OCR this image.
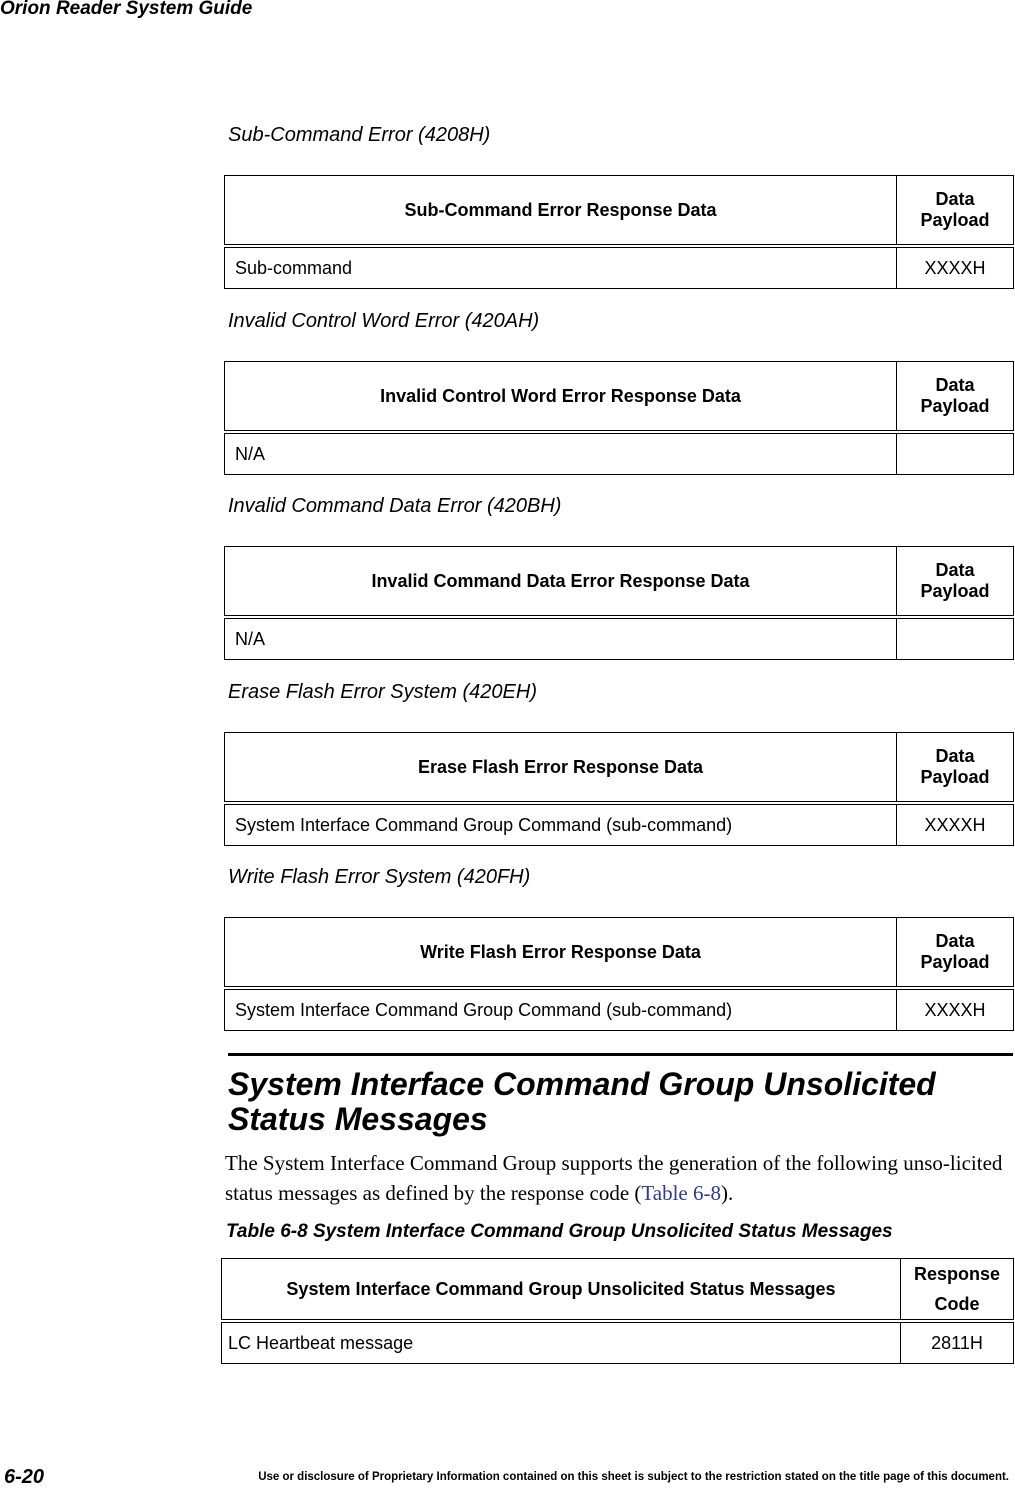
Orion Reader System Guide
Sub-Command Error (4208H)
Sub-Command Error Response Data	Data Payload
Sub-command	XXXXH
Invalid Control Word Error (420AH)
Invalid Control Word Error Response Data	Data Payload
N/A	
Invalid Command Data Error (420BH)
Invalid Command Data Error Response Data	Data Payload
N/A	
Erase Flash Error System (420EH)
Erase Flash Error Response Data	Data Payload
System Interface Command Group Command (sub-command)	XXXXH
Write Flash Error System (420FH)
Write Flash Error Response Data	Data Payload
System Interface Command Group Command (sub-command)	XXXXH
System Interface Command Group Unsolicited Status Messages
The System Interface Command Group supports the generation of the following unso-licited status messages as defined by the response code (Table 6-8).
Table 6-8 System Interface Command Group Unsolicited Status Messages
System Interface Command Group Unsolicited Status Messages	Response Code
LC Heartbeat message	2811H
6-20	Use or disclosure of Proprietary Information contained on this sheet is subject to the restriction stated on the title page of this document.
